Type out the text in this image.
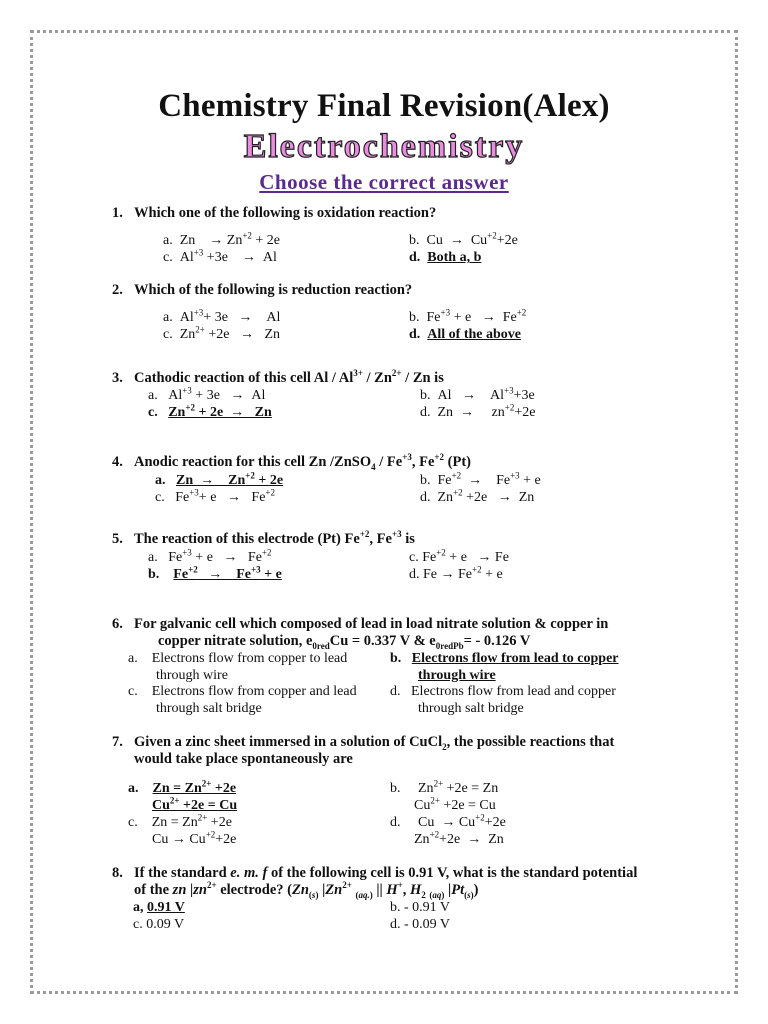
Chemistry Final Revision(Alex)
Electrochemistry
Choose the correct answer
1. Which one of the following is oxidation reaction?
a.  Zn    → $Zn^{+2} + 2e$	b.  $Cu \to Cu^{+2}+2e$
c.  $Al^{+3} +3e$    →  Al	d.  Both a, b
2. Which of the following is reduction reaction?
a.  $Al^{+3}+ 3e$   →    Al	b.  $Fe^{+3} + e \to Fe^{+2}$
c.  $Zn^{2+} +2e \to Zn$	d.  All of the above
3. Cathodic reaction of this cell Al / $Al^{3+} / Zn^{2+}$ / Zn is
a.   $Al^{+3} + 3e \to Al$	b.  Al   →    $Al^{+3}+3e$
c.   $Zn^{+2} + 2e \to Zn$	d.  Zn  →     $zn^{+2}+2e$
4. Anodic reaction for this cell Zn /ZnSO$_4$ / $Fe^{+3}$, $Fe^{+2}$ (Pt)
a.   Zn  →    $Zn^{+2} + 2e$	b.  $Fe^{+2}$  →    $Fe^{+3} + e$
c.   $Fe^{+3}+ e \to Fe^{+2}$	d.  $Zn^{+2} +2e \to Zn$
5. The reaction of this electrode (Pt) $Fe^{+2}$, $Fe^{+3}$ is
a.   $Fe^{+3} + e \to Fe^{+2}$	c. $Fe^{+2} + e \to Fe$
b.    $Fe^{+2}$   →    $Fe^{+3} + e$	d. $Fe \to Fe^{+2} + e$
6. For galvanic cell which composed of lead in load nitrate solution & copper in
copper nitrate solution, $e_{0red}Cu = 0.337$ V & $e_{0redPb}= - 0.126$ V
a.    Electrons flow from copper to lead
through wire
b.   Electrons flow from lead to copper
through wire
c.    Electrons flow from copper and lead
through salt bridge
d.   Electrons flow from lead and copper
through salt bridge
7. Given a zinc sheet immersed in a solution of CuCl$_2$, the possible reactions that
would take place spontaneously are
a.    $Zn = Zn^{2+} +2e$
$Cu^{2+} +2e = Cu$
b.     $Zn^{2+} +2e = Zn$
$Cu^{2+} +2e = Cu$
c.    $Zn = Zn^{2+} +2e$
$Cu \to Cu^{+2}+2e$
d.     $Cu \to Cu^{+2}+2e$
$Zn^{+2}+2e \to Zn$
8. If the standard e. m. f of the following cell is 0.91 V, what is the standard potential
of the zn $|zn^{2+}$ electrode? ($Zn_{(s)}$ $|Zn^{2+}$ $_{(aq.)}$ || H+, $H_2$ $_{(aq)}$ $|Pt_{(s)}$)
a, 0.91 V	b. - 0.91 V
c. 0.09 V	d. - 0.09 V
